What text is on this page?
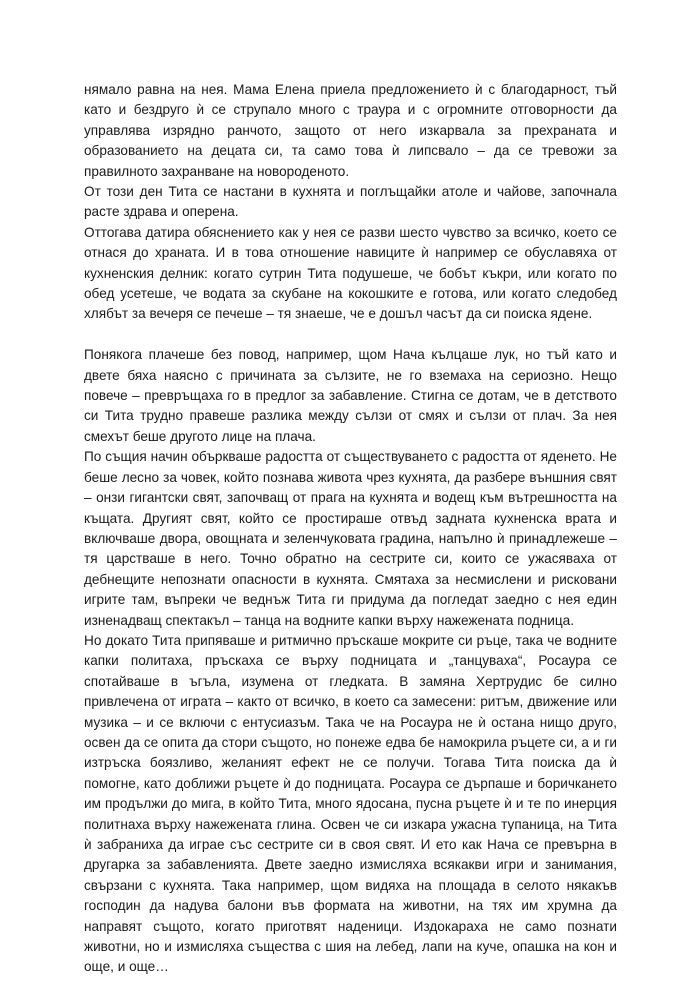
нямало равна на нея. Мама Елена приела предложението ѝ с благодарност, тъй като и бездруго ѝ се струпало много с траура и с огромните отговорности да управлява изрядно ранчото, защото от него изкарвала за прехраната и образованието на децата си, та само това ѝ липсвало – да се тревожи за правилното захранване на новороденото.

От този ден Тита се настани в кухнята и поглъщайки атоле и чайове, започнала расте здрава и оперена.

Оттогава датира обяснението как у нея се разви шесто чувство за всичко, което се отнася до храната. И в това отношение навиците ѝ например се обуславяха от кухненския делник: когато сутрин Тита подушеше, че бобът къкри, или когато по обед усетеше, че водата за скубане на кокошките е готова, или когато следобед хлябът за вечеря се печеше – тя знаеше, че е дошъл часът да си поиска ядене.

Понякога плачеше без повод, например, щом Нача кълцаше лук, но тъй като и двете бяха наясно с причината за сълзите, не го вземаха на сериозно. Нещо повече – превръщаха го в предлог за забавление. Стигна се дотам, че в детството си Тита трудно правеше разлика между сълзи от смях и сълзи от плач. За нея смехът беше другото лице на плача.

По същия начин объркваше радостта от съществуването с радостта от яденето. Не беше лесно за човек, който познава живота чрез кухнята, да разбере външния свят – онзи гигантски свят, започващ от прага на кухнята и водещ към вътрешността на къщата. Другият свят, който се простираше отвъд задната кухненска врата и включваше двора, овощната и зеленчуковата градина, напълно ѝ принадлежеше – тя царстваше в него. Точно обратно на сестрите си, които се ужасяваха от дебнещите непознати опасности в кухнята. Смятаха за несмислени и рисковани игрите там, въпреки че веднъж Тита ги придума да погледат заедно с нея един изненадващ спектакъл – танца на водните капки върху нажежената подница.

Но докато Тита припяваше и ритмично пръскаше мокрите си ръце, така че водните капки политаха, пръскаха се върху подницата и „танцуваха“, Росаура се спотайваше в ъгъла, изумена от гледката. В замяна Хертрудис бе силно привлечена от играта – както от всичко, в което са замесени: ритъм, движение или музика – и се включи с ентусиазъм. Така че на Росаура не ѝ остана нищо друго, освен да се опита да стори същото, но понеже едва бе намокрила ръцете си, а и ги изтръска боязливо, желаният ефект не се получи. Тогава Тита поиска да ѝ помогне, като доближи ръцете ѝ до подницата. Росаура се дърпаше и боричкането им продължи до мига, в който Тита, много ядосана, пусна ръцете ѝ и те по инерция политнаха върху нажежената глина. Освен че си изкара ужасна тупаница, на Тита ѝ забраниха да играе със сестрите си в своя свят. И ето как Нача се превърна в другарка за забавленията. Двете заедно измисляха всякакви игри и занимания, свързани с кухнята. Така например, щом видяха на площада в селото някакъв господин да надува балони във формата на животни, на тях им хрумна да направят същото, когато приготвят наденици. Издокараха не само познати животни, но и измисляха същества с шия на лебед, лапи на куче, опашка на кон и още, и още…
